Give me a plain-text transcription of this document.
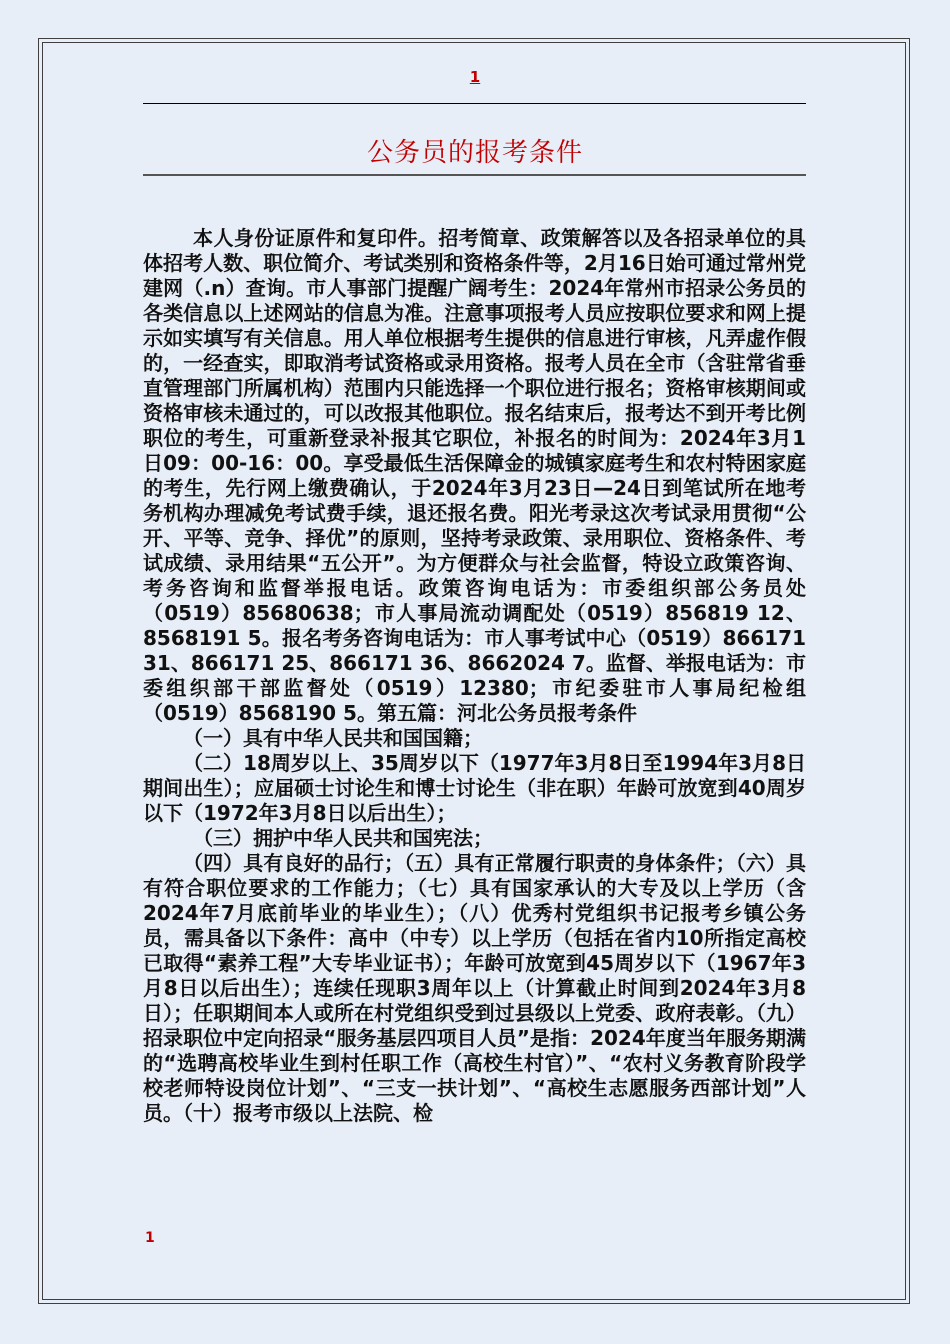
1
公务员的报考条件

本人身份证原件和复印件。招考简章、政策解答以及各招录单位的具体招考人数、职位简介、考试类别和资格条件等，2月16日始可通过常州党建网（.n）查询。市人事部门提醒广阔考生：2024年常州市招录公务员的各类信息以上述网站的信息为准。注意事项报考人员应按职位要求和网上提示如实填写有关信息。用人单位根据考生提供的信息进行审核，凡弄虚作假的，一经查实，即取消考试资格或录用资格。报考人员在全市（含驻常省垂直管理部门所属机构）范围内只能选择一个职位进行报名；资格审核期间或资格审核未通过的，可以改报其他职位。报名结束后，报考达不到开考比例职位的考生，可重新登录补报其它职位，补报名的时间为：2024年3月1日09：00-16：00。享受最低生活保障金的城镇家庭考生和农村特困家庭的考生，先行网上缴费确认，于2024年3月23日—24日到笔试所在地考务机构办理减免考试费手续，退还报名费。阳光考录这次考试录用贯彻“公开、平等、竞争、择优”的原则，坚持考录政策、录用职位、资格条件、考试成绩、录用结果“五公开”。为方便群众与社会监督，特设立政策咨询、考务咨询和监督举报电话。政策咨询电话为：市委组织部公务员处（0519）85680638；市人事局流动调配处（0519）856819 12、8568191 5。报名考务咨询电话为：市人事考试中心（0519）866171 31、866171 25、866171 36、8662024 7。监督、举报电话为：市委组织部干部监督处（0519）12380；市纪委驻市人事局纪检组（0519）8568190 5。第五篇：河北公务员报考条件

（一）具有中华人民共和国国籍；

（二）18周岁以上、35周岁以下（1977年3月8日至1994年3月8日期间出生）；应届硕士讨论生和博士讨论生（非在职）年龄可放宽到40周岁以下（1972年3月8日以后出生）；

（三）拥护中华人民共和国宪法；

（四）具有良好的品行；（五）具有正常履行职责的身体条件；（六）具有符合职位要求的工作能力；（七）具有国家承认的大专及以上学历（含2024年7月底前毕业的毕业生）；（八）优秀村党组织书记报考乡镇公务员，需具备以下条件：高中（中专）以上学历（包括在省内10所指定高校已取得“素养工程”大专毕业证书）；年龄可放宽到45周岁以下（1967年3月8日以后出生）；连续任现职3周年以上（计算截止时间到2024年3月8日）；任职期间本人或所在村党组织受到过县级以上党委、政府表彰。（九）招录职位中定向招录“服务基层四项目人员”是指：2024年度当年服务期满的“选聘高校毕业生到村任职工作（高校生村官）”、“农村义务教育阶段学校老师特设岗位计划”、“三支一扶计划”、“高校生志愿服务西部计划”人员。（十）报考市级以上法院、检

1
